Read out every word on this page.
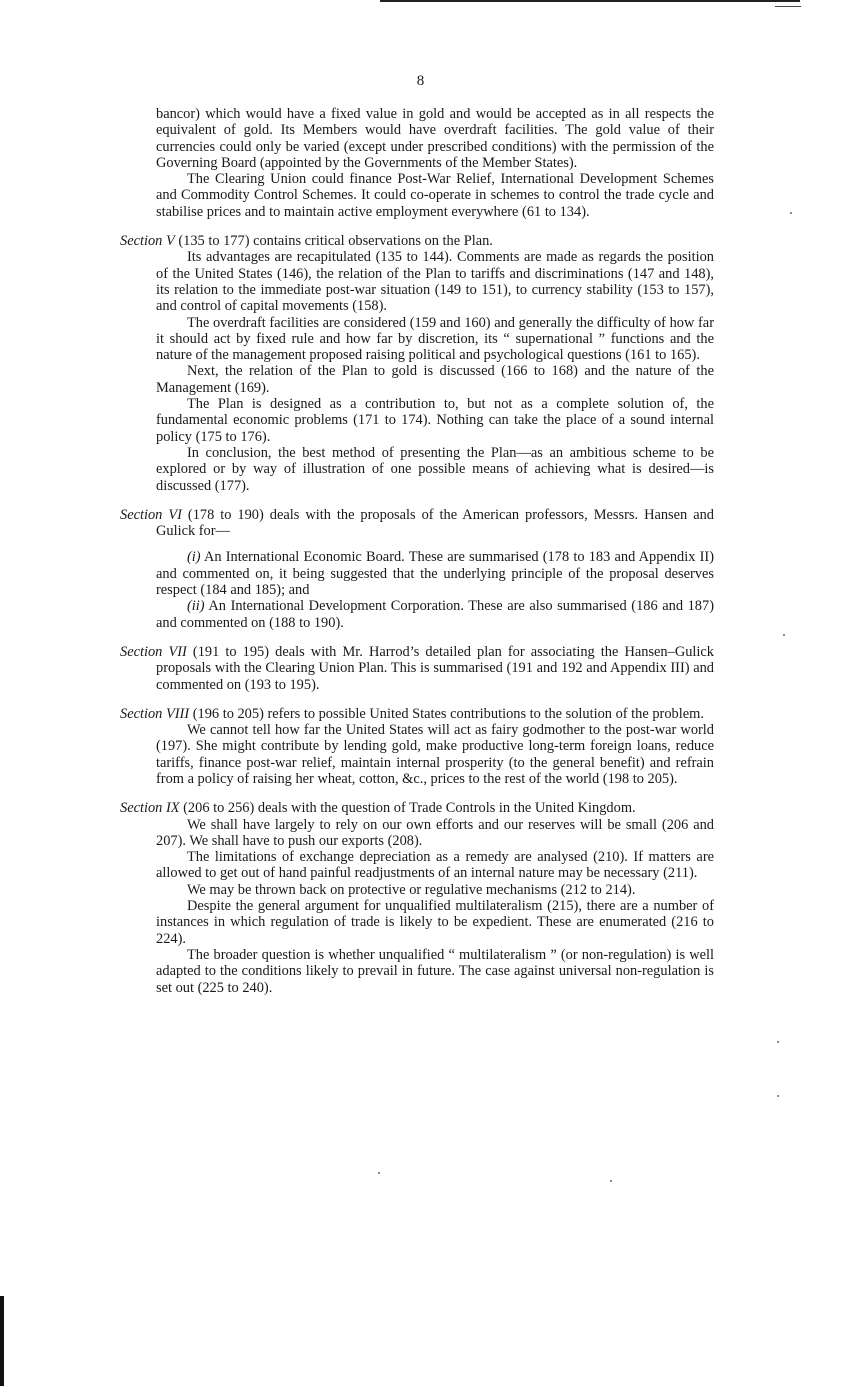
8

bancor) which would have a fixed value in gold and would be accepted as in all respects the equivalent of gold. Its Members would have overdraft facilities. The gold value of their currencies could only be varied (except under prescribed conditions) with the permission of the Governing Board (appointed by the Governments of the Member States).

The Clearing Union could finance Post-War Relief, International Development Schemes and Commodity Control Schemes. It could co-operate in schemes to control the trade cycle and stabilise prices and to maintain active employment everywhere (61 to 134).

Section V (135 to 177) contains critical observations on the Plan.

Its advantages are recapitulated (135 to 144). Comments are made as regards the position of the United States (146), the relation of the Plan to tariffs and discriminations (147 and 148), its relation to the immediate post-war situation (149 to 151), to currency stability (153 to 157), and control of capital movements (158).

The overdraft facilities are considered (159 and 160) and generally the difficulty of how far it should act by fixed rule and how far by discretion, its “ supernational ” functions and the nature of the management proposed raising political and psychological questions (161 to 165).

Next, the relation of the Plan to gold is discussed (166 to 168) and the nature of the Management (169).

The Plan is designed as a contribution to, but not as a complete solution of, the fundamental economic problems (171 to 174). Nothing can take the place of a sound internal policy (175 to 176).

In conclusion, the best method of presenting the Plan—as an ambitious scheme to be explored or by way of illustration of one possible means of achieving what is desired—is discussed (177).

Section VI (178 to 190) deals with the proposals of the American professors, Messrs. Hansen and Gulick for—

(i) An International Economic Board. These are summarised (178 to 183 and Appendix II) and commented on, it being suggested that the underlying principle of the proposal deserves respect (184 and 185); and

(ii) An International Development Corporation. These are also summarised (186 and 187) and commented on (188 to 190).

Section VII (191 to 195) deals with Mr. Harrod’s detailed plan for associating the Hansen–Gulick proposals with the Clearing Union Plan. This is summarised (191 and 192 and Appendix III) and commented on (193 to 195).

Section VIII (196 to 205) refers to possible United States contributions to the solution of the problem.

We cannot tell how far the United States will act as fairy godmother to the post-war world (197). She might contribute by lending gold, make productive long-term foreign loans, reduce tariffs, finance post-war relief, maintain internal prosperity (to the general benefit) and refrain from a policy of raising her wheat, cotton, &c., prices to the rest of the world (198 to 205).

Section IX (206 to 256) deals with the question of Trade Controls in the United Kingdom.

We shall have largely to rely on our own efforts and our reserves will be small (206 and 207). We shall have to push our exports (208).

The limitations of exchange depreciation as a remedy are analysed (210). If matters are allowed to get out of hand painful readjustments of an internal nature may be necessary (211).

We may be thrown back on protective or regulative mechanisms (212 to 214).

Despite the general argument for unqualified multilateralism (215), there are a number of instances in which regulation of trade is likely to be expedient. These are enumerated (216 to 224).

The broader question is whether unqualified “ multilateralism ” (or non-regulation) is well adapted to the conditions likely to prevail in future. The case against universal non-regulation is set out (225 to 240).
